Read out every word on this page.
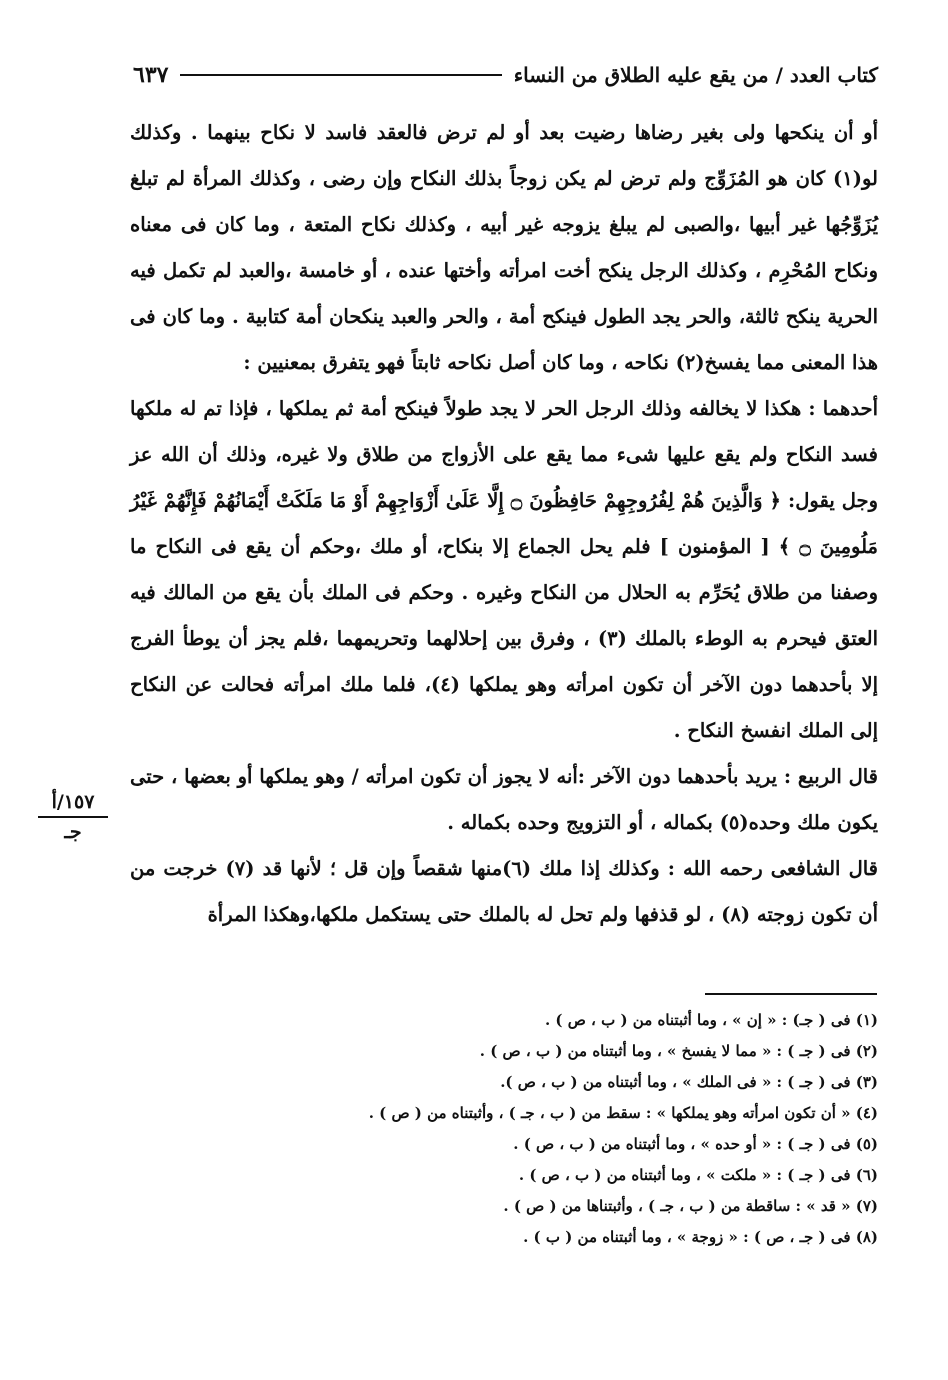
كتاب العدد / من يقع عليه الطلاق من النساء
٦٣٧
١٥٧/أ
جـ

أو أن ينكحها ولى بغير رضاها رضيت بعد أو لم ترض فالعقد فاسد لا نكاح بينهما . وكذلك لو(١) كان هو المُزَوِّج ولم ترض لم يكن زوجاً بذلك النكاح وإن رضى ، وكذلك المرأة لم تبلغ يُزَوِّجُها غير أبيها ،والصبى لم يبلغ يزوجه غير أبيه ، وكذلك نكاح المتعة ، وما كان فى معناه ونكاح المُحْرِم ، وكذلك الرجل ينكح أخت امرأته وأختها عنده ، أو خامسة ،والعبد لم تكمل فيه الحرية ينكح ثالثة، والحر يجد الطول فينكح أمة ، والحر والعبد ينكحان أمة كتابية . وما كان فى هذا المعنى مما يفسخ(٢) نكاحه ، وما كان أصل نكاحه ثابتاً فهو يتفرق بمعنيين :

أحدهما : هكذا لا يخالفه وذلك الرجل الحر لا يجد طولاً فينكح أمة ثم يملكها ، فإذا تم له ملكها فسد النكاح ولم يقع عليها شىء مما يقع على الأزواج من طلاق ولا غيره، وذلك أن الله عز وجل يقول: ﴿ وَالَّذِينَ هُمْ لِفُرُوجِهِمْ حَافِظُونَ ۝ إِلَّا عَلَىٰ أَزْوَاجِهِمْ أَوْ مَا مَلَكَتْ أَيْمَانُهُمْ فَإِنَّهُمْ غَيْرُ مَلُومِينَ ۝ ﴾ [ المؤمنون ] فلم يحل الجماع إلا بنكاح، أو ملك ،وحكم أن يقع فى النكاح ما وصفنا من طلاق يُحَرِّم به الحلال من النكاح وغيره . وحكم فى الملك بأن يقع من المالك فيه العتق فيحرم به الوطء بالملك (٣) ، وفرق بين إحلالهما وتحريمهما ،فلم يجز أن يوطأ الفرج إلا بأحدهما دون الآخر أن تكون امرأته وهو يملكها (٤)، فلما ملك امرأته فحالت عن النكاح إلى الملك انفسخ النكاح .

قال الربيع : يريد بأحدهما دون الآخر :أنه لا يجوز أن تكون امرأته / وهو يملكها أو بعضها ، حتى يكون ملك وحده(٥) بكماله ، أو التزويج وحده بكماله .

قال الشافعى رحمه الله : وكذلك إذا ملك (٦)منها شقصاً وإن قل ؛ لأنها قد (٧) خرجت من أن تكون زوجته (٨) ، لو قذفها ولم تحل له بالملك حتى يستكمل ملكها،وهكذا المرأة

(١) فى ( جـ) : « إن » ، وما أثبتناه من ( ب ، ص ) .

(٢) فى ( جـ ) : « مما لا يفسخ » ، وما أثبتناه من ( ب ، ص ) .

(٣) فى ( جـ ) : « فى الملك » ، وما أثبتناه من ( ب ، ص ).

(٤) « أن تكون امرأته وهو يملكها » : سقط من ( ب ، جـ ) ، وأثبتناه من ( ص ) .

(٥) فى ( جـ ) : « أو حده » ، وما أثبتناه من ( ب ، ص ) .

(٦) فى ( جـ ) : « ملكت » ، وما أثبتناه من ( ب ، ص ) .

(٧) « قد » : ساقطة من ( ب ، جـ ) ، وأثبتناها من ( ص ) .

(٨) فى ( جـ ، ص ) : « زوجة » ، وما أثبتناه من ( ب ) .
